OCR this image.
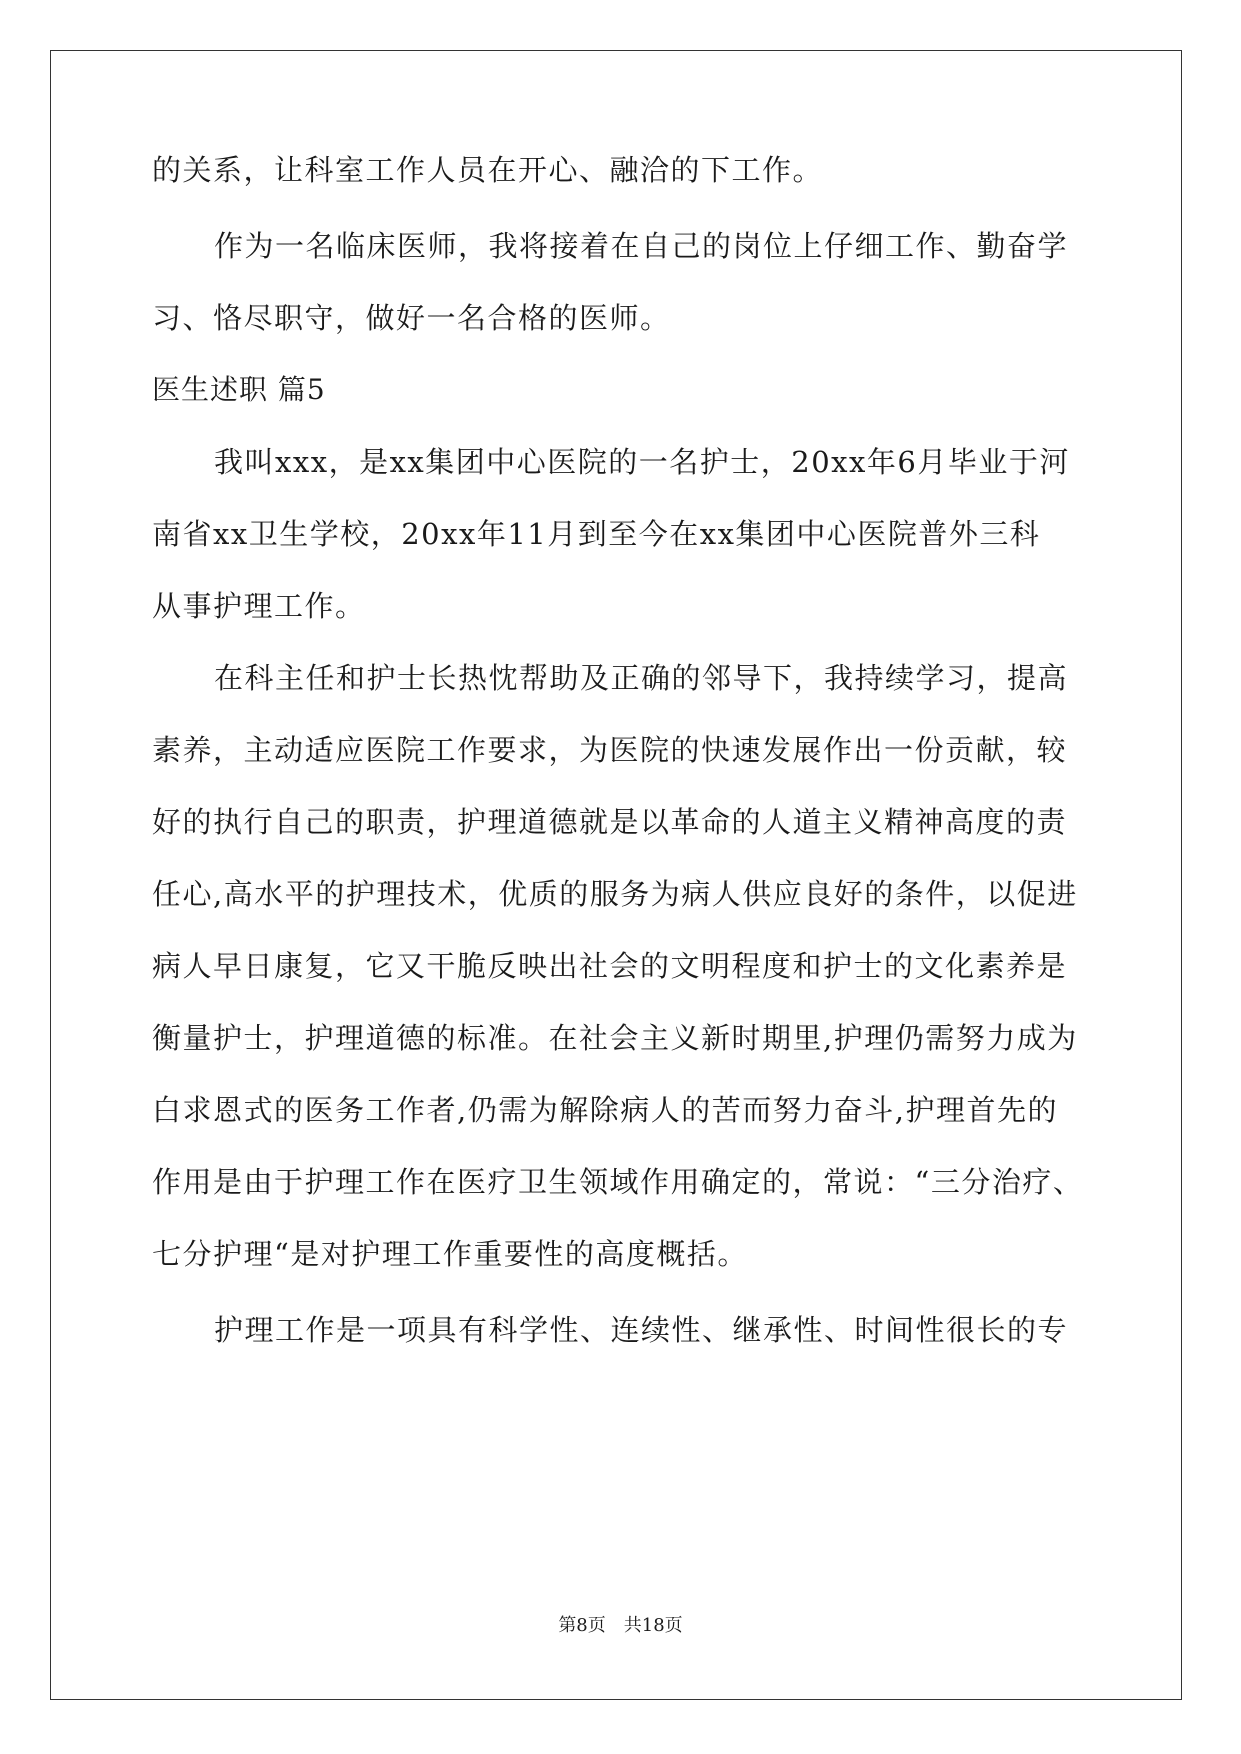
的关系，让科室工作人员在开心、融洽的下工作。
作为一名临床医师，我将接着在自己的岗位上仔细工作、勤奋学
习、恪尽职守，做好一名合格的医师。
医生述职 篇5
我叫xxx，是xx集团中心医院的一名护士，20xx年6月毕业于河
南省xx卫生学校，20xx年11月到至今在xx集团中心医院普外三科
从事护理工作。
在科主任和护士长热忱帮助及正确的邻导下，我持续学习，提高
素养，主动适应医院工作要求，为医院的快速发展作出一份贡献，较
好的执行自己的职责，护理道德就是以革命的人道主义精神高度的责
任心,高水平的护理技术，优质的服务为病人供应良好的条件，以促进
病人早日康复，它又干脆反映出社会的文明程度和护士的文化素养是
衡量护士，护理道德的标准。在社会主义新时期里,护理仍需努力成为
白求恩式的医务工作者,仍需为解除病人的苦而努力奋斗,护理首先的
作用是由于护理工作在医疗卫生领域作用确定的，常说：“三分治疗、
七分护理“是对护理工作重要性的高度概括。
护理工作是一项具有科学性、连续性、继承性、时间性很长的专
第8页　共18页
